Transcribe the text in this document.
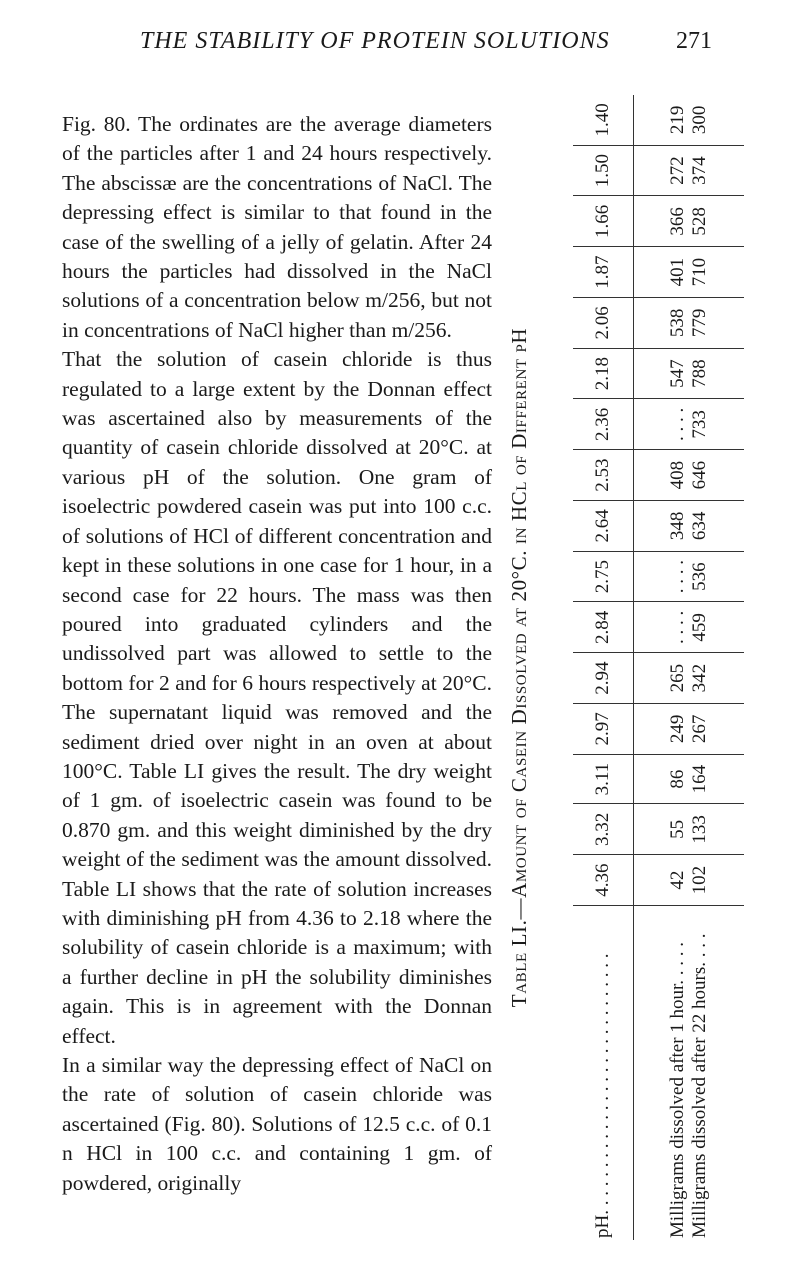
THE STABILITY OF PROTEIN SOLUTIONS	271

Fig. 80. The ordinates are the average diameters of the particles after 1 and 24 hours respectively. The abscissæ are the concentrations of NaCl. The depressing effect is similar to that found in the case of the swelling of a jelly of gelatin. After 24 hours the particles had dissolved in the NaCl solutions of a concentration below m/256, but not in concentrations of NaCl higher than m/256.

That the solution of casein chloride is thus regulated to a large extent by the Donnan effect was ascertained also by measurements of the quantity of casein chloride dissolved at 20°C. at various pH of the solution. One gram of isoelectric powdered casein was put into 100 c.c. of solutions of HCl of different concentration and kept in these solutions in one case for 1 hour, in a second case for 22 hours. The mass was then poured into graduated cylinders and the undissolved part was allowed to settle to the bottom for 2 and for 6 hours respectively at 20°C. The supernatant liquid was removed and the sediment dried over night in an oven at about 100°C. Table LI gives the result. The dry weight of 1 gm. of isoelectric casein was found to be 0.870 gm. and this weight diminished by the dry weight of the sediment was the amount dissolved. Table LI shows that the rate of solution increases with diminishing pH from 4.36 to 2.18 where the solubility of casein chloride is a maximum; with a further decline in pH the solubility diminishes again. This is in agreement with the Donnan effect.

In a similar way the depressing effect of NaCl on the rate of solution of casein chloride was ascertained (Fig. 80). Solutions of 12.5 c.c. of 0.1 n HCl in 100 c.c. and containing 1 gm. of powdered, originally

Table LI.—Amount of Casein Dissolved at 20°C. in HCl of Different pH
pH. . . . . . . . . . . . . . . . . . . . . . . . . . . .	4.36	3.32	3.11	2.97	2.94	2.84	2.75	2.64	2.53	2.36	2.18	2.06	1.87	1.66	1.50	1.40
Milligrams dissolved after 1 hour. . . . .	42	55	86	249	265	. . . .	. . . .	348	408	. . . .	547	538	401	366	272	219
Milligrams dissolved after 22 hours. . . .	102	133	164	267	342	459	536	634	646	733	788	779	710	528	374	300
